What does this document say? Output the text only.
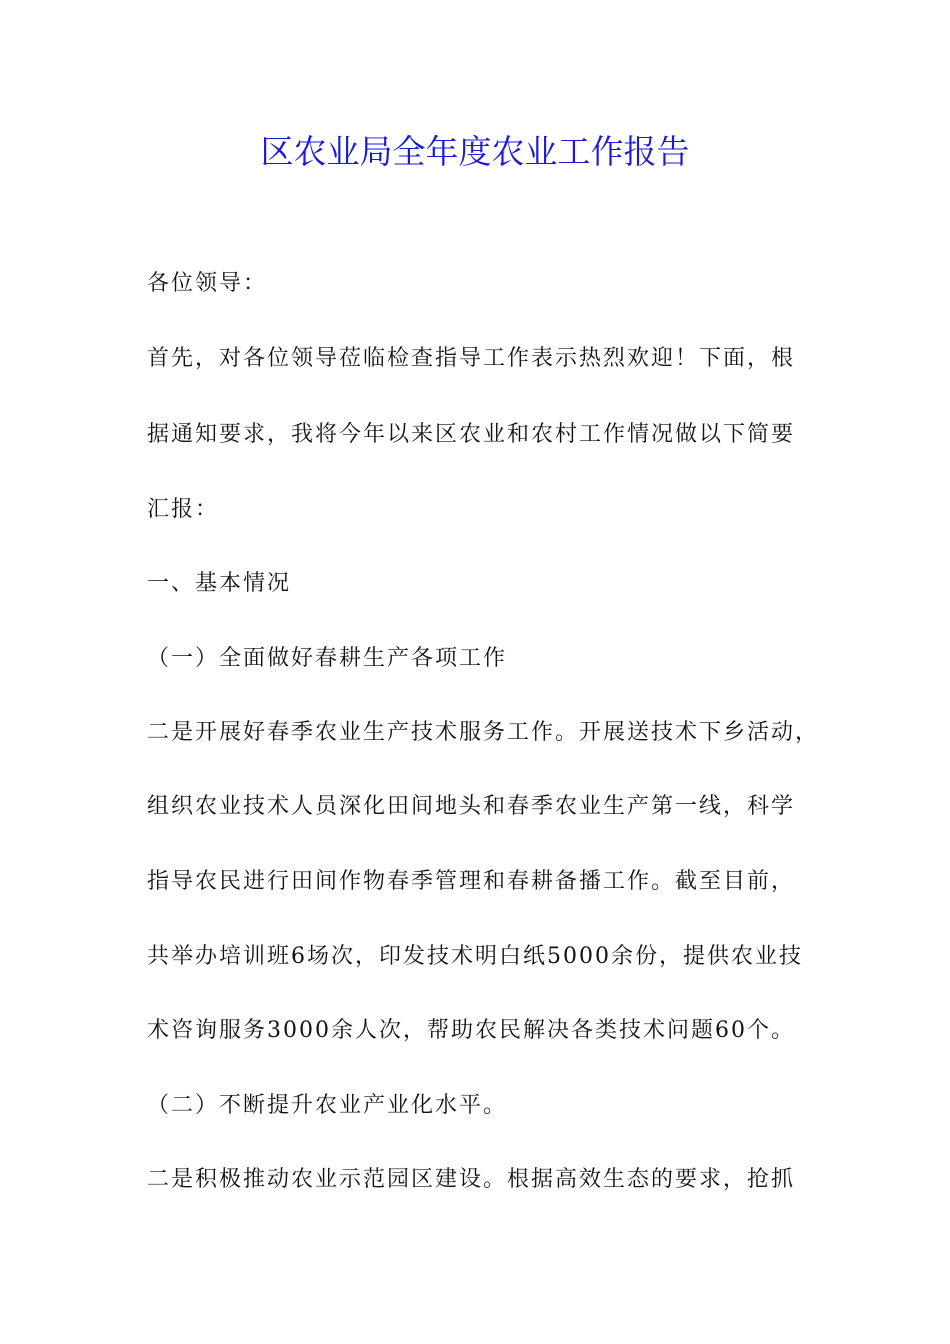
区农业局全年度农业工作报告
各位领导：
首先，对各位领导莅临检查指导工作表示热烈欢迎！下面，根
据通知要求，我将今年以来区农业和农村工作情况做以下简要
汇报：
一、基本情况
（一）全面做好春耕生产各项工作
二是开展好春季农业生产技术服务工作。开展送技术下乡活动，
组织农业技术人员深化田间地头和春季农业生产第一线，科学
指导农民进行田间作物春季管理和春耕备播工作。截至目前，
共举办培训班6场次，印发技术明白纸5000余份，提供农业技
术咨询服务3000余人次，帮助农民解决各类技术问题60个。
（二）不断提升农业产业化水平。
二是积极推动农业示范园区建设。根据高效生态的要求，抢抓
